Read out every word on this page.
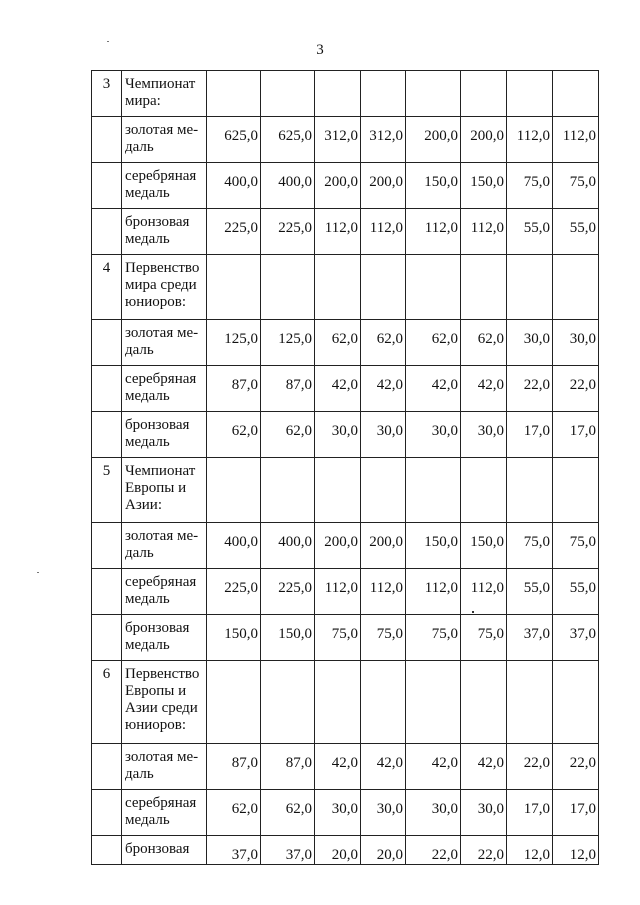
3
3	Чемпионат
мира:								

	золотая ме-
даль	625,0	625,0	312,0	312,0	200,0	200,0	112,0	112,0

	серебряная
медаль	400,0	400,0	200,0	200,0	150,0	150,0	75,0	75,0

	бронзовая
медаль	225,0	225,0	112,0	112,0	112,0	112,0	55,0	55,0
4	Первенство
мира среди
юниоров:								

	золотая ме-
даль	125,0	125,0	62,0	62,0	62,0	62,0	30,0	30,0

	серебряная
медаль	87,0	87,0	42,0	42,0	42,0	42,0	22,0	22,0

	бронзовая
медаль	62,0	62,0	30,0	30,0	30,0	30,0	17,0	17,0
5	Чемпионат
Европы и
Азии:								

	золотая ме-
даль	400,0	400,0	200,0	200,0	150,0	150,0	75,0	75,0

	серебряная
медаль	225,0	225,0	112,0	112,0	112,0	112,0	55,0	55,0

	бронзовая
медаль	150,0	150,0	75,0	75,0	75,0	75,0	37,0	37,0
6	Первенство
Европы и
Азии среди
юниоров:								

	золотая ме-
даль	87,0	87,0	42,0	42,0	42,0	42,0	22,0	22,0

	серебряная
медаль	62,0	62,0	30,0	30,0	30,0	30,0	17,0	17,0

	бронзовая	37,0	37,0	20,0	20,0	22,0	22,0	12,0	12,0
